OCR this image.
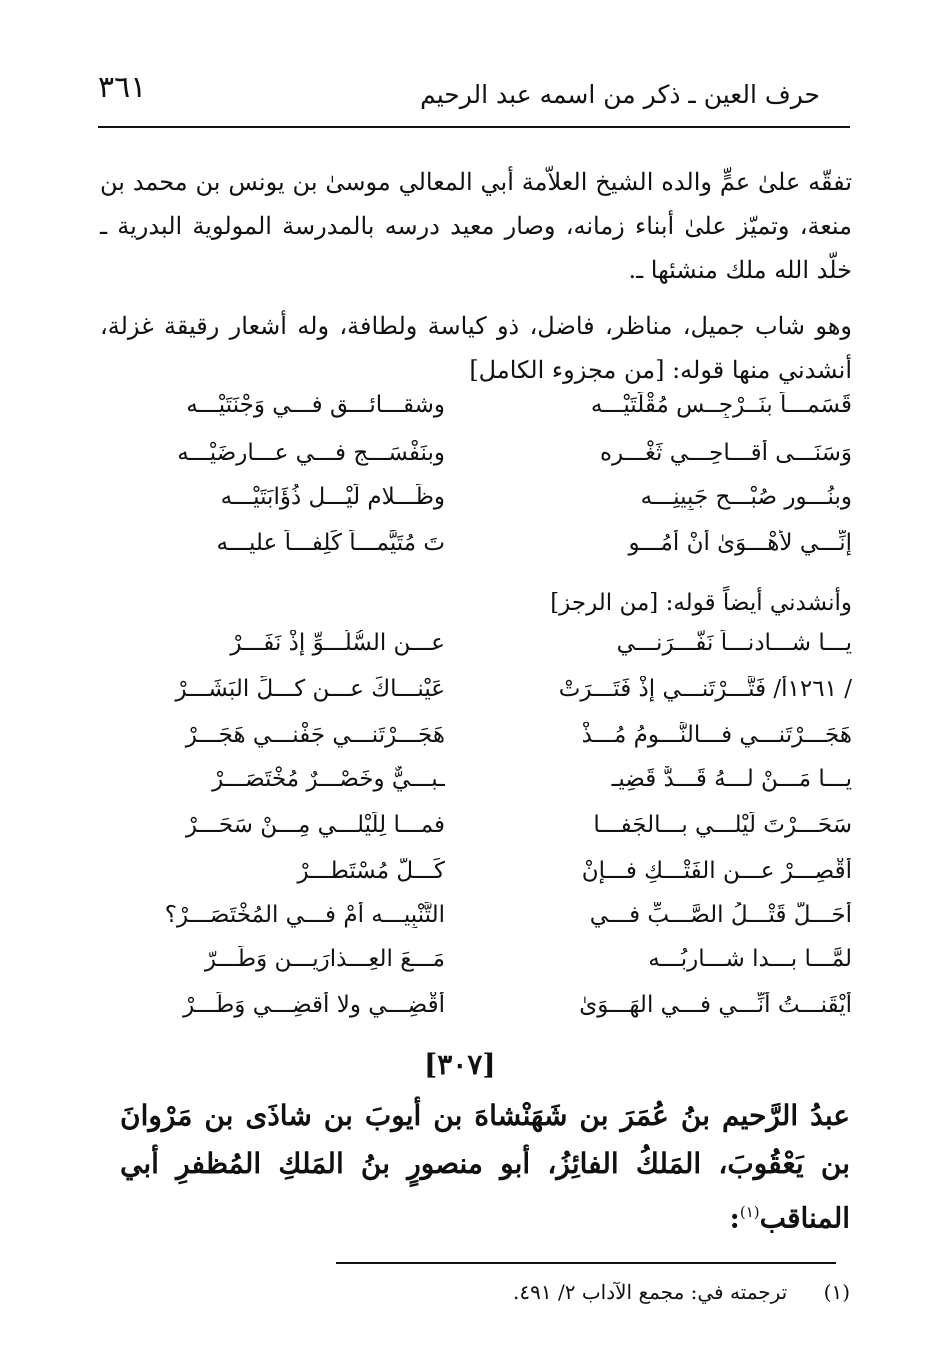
٣٦١	حرف العين ـ ذكر من اسمه عبد الرحيم

تفقّه علىٰ عمٍّ والده الشيخ العلاّمة أبي المعالي موسىٰ بن يونس بن محمد بن منعة، وتميّز علىٰ أبناء زمانه، وصار معيد درسه بالمدرسة المولوية البدرية ـ خلّد الله ملك منشئها ـ.

وهو شاب جميل، مناظر، فاضل، ذو كياسة ولطافة، وله أشعار رقيقة غزلة، أنشدني منها قوله: [من مجزوء الكامل]

قَسَمـــاً بنَــرْجِــس مُقْلَتَيْـــه
وشقـــائـــقٍ فـــي وَجْنَتَيْـــه
وَسَنَـــى أقـــاحِـــي ثَغْـــرِه
وبنَفْسَـــجٍ فـــي عـــارِضَيْـــه
وبنُـــورِ صُبْـــحِ جَبِينِـــه
وظَـــلامِ لَيْـــلِ ذُؤَابَتَيْـــه
إنِّـــي لأهْـــوَىٰ أنْ أمُـــو
تَ مُتَيَّمـــاً كَلِفـــاً عليـــه
وأنشدني أيضاً قوله: [من الرجز]
يـــا شـــادنـــاً نَفَّـــرَنـــي
عـــن السُّلُـــوِّ إذْ نَفَـــرْ
/ ١٢٦١أ/ فَتَّـــرْتَنـــي إذْ فَتَـــرَتْ
عَيْنـــاكَ عـــن كـــلِّ البَشَـــرْ
هَجَـــرْتَنـــي فـــالنَّـــومُ مُـــذْ
هَجَـــرْتَنـــي جَفْنـــي هَجَـــرْ
يـــا مَـــنْ لـــهُ قَـــدٌّ قَضِيـ
ـبـــيٌّ وخَصْـــرٌ مُخْتَصَـــرْ
سَحَـــرْتَ لَيْلـــي بـــالجَفـــا
فمـــا لِلَيْلـــي مِـــنْ سَحَـــرْ
أقْصِـــرْ عـــن الفَتْـــكِ فـــإنْ
كَـــلَّ مُسْتَطـــرْ
أحَـــلَّ قَتْـــلُ الصَّـــبِّ فـــي
التَّنْبِيـــه أمْ فـــي المُخْتَصَـــرْ؟
لمَّـــا بـــدا شـــارِبُـــه
مَـــعَ العِـــذارَيـــن وَطَـــرّ
أيْقَنـــتُ أنِّـــي فـــي الهَـــوَىٰ
أقْضِـــي ولا أقضِـــي وَطَـــرْ
[٣٠٧]

عبدُ الرَّحيم بنُ عُمَرَ بن شَهَنْشاهَ بن أيوبَ بن شاذَى بن مَرْوانَ بن يَعْقُوبَ، المَلكُ الفائِزُ، أبو منصورٍ بنُ المَلكِ المُظفرِ أبي المناقب$^{(١)}$:

(١) ترجمته في: مجمع الآداب ٢/ ٤٩١.
